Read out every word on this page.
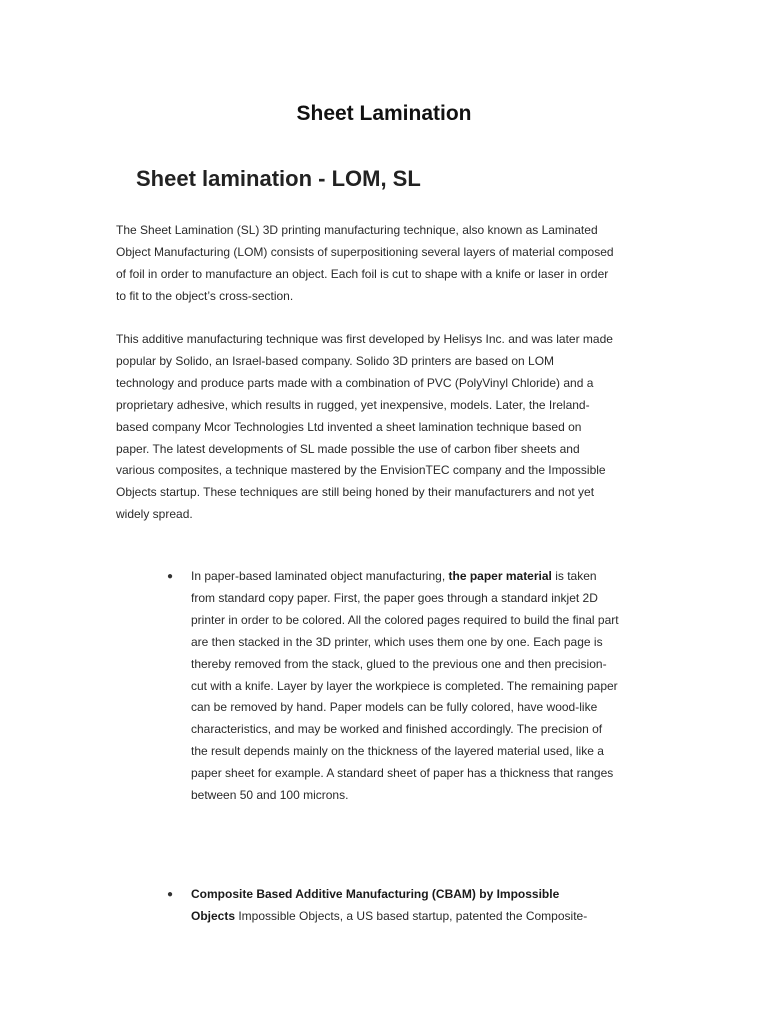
Sheet Lamination
Sheet lamination - LOM, SL

The Sheet Lamination (SL) 3D printing manufacturing technique, also known as Laminated
Object Manufacturing (LOM) consists of superpositioning several layers of material composed
of foil in order to manufacture an object. Each foil is cut to shape with a knife or laser in order
to fit to the object’s cross-section.

This additive manufacturing technique was first developed by Helisys Inc. and was later made
popular by Solido, an Israel-based company. Solido 3D printers are based on LOM
technology and produce parts made with a combination of PVC (PolyVinyl Chloride) and a
proprietary adhesive, which results in rugged, yet inexpensive, models. Later, the Ireland-
based company Mcor Technologies Ltd invented a sheet lamination technique based on
paper. The latest developments of SL made possible the use of carbon fiber sheets and
various composites, a technique mastered by the EnvisionTEC company and the Impossible
Objects startup. These techniques are still being honed by their manufacturers and not yet
widely spread.

● In paper-based laminated object manufacturing, the paper material is taken
from standard copy paper. First, the paper goes through a standard inkjet 2D
printer in order to be colored. All the colored pages required to build the final part
are then stacked in the 3D printer, which uses them one by one. Each page is
thereby removed from the stack, glued to the previous one and then precision-
cut with a knife. Layer by layer the workpiece is completed. The remaining paper
can be removed by hand. Paper models can be fully colored, have wood-like
characteristics, and may be worked and finished accordingly. The precision of
the result depends mainly on the thickness of the layered material used, like a
paper sheet for example. A standard sheet of paper has a thickness that ranges
between 50 and 100 microns.
● Composite Based Additive Manufacturing (CBAM) by Impossible
Objects Impossible Objects, a US based startup, patented the Composite-
